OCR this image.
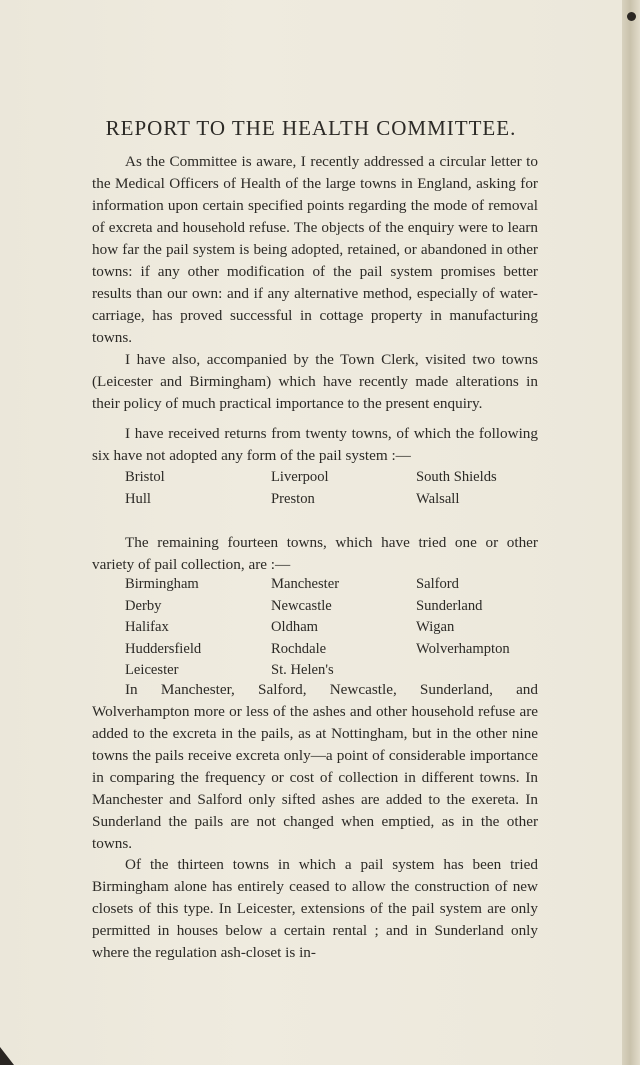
REPORT TO THE HEALTH COMMITTEE.

As the Committee is aware, I recently addressed a circular letter to the Medical Officers of Health of the large towns in England, asking for information upon certain specified points regarding the mode of removal of excreta and household refuse. The objects of the enquiry were to learn how far the pail system is being adopted, retained, or abandoned in other towns: if any other modification of the pail system promises better results than our own: and if any alternative method, especially of water-carriage, has proved successful in cottage property in manufacturing towns.

I have also, accompanied by the Town Clerk, visited two towns (Leicester and Birmingham) which have recently made alterations in their policy of much practical importance to the present enquiry.

I have received returns from twenty towns, of which the following six have not adopted any form of the pail system :—

Bristol	Liverpool	South Shields
Hull	Preston	Walsall

The remaining fourteen towns, which have tried one or other variety of pail collection, are :—

Birmingham	Manchester	Salford
Derby	Newcastle	Sunderland
Halifax	Oldham	Wigan
Huddersfield	Rochdale	Wolverhampton
Leicester	St. Helen's

In Manchester, Salford, Newcastle, Sunderland, and Wolverhampton more or less of the ashes and other household refuse are added to the excreta in the pails, as at Nottingham, but in the other nine towns the pails receive excreta only—a point of considerable importance in comparing the frequency or cost of collection in different towns. In Manchester and Salford only sifted ashes are added to the exereta. In Sunderland the pails are not changed when emptied, as in the other towns.

Of the thirteen towns in which a pail system has been tried Birmingham alone has entirely ceased to allow the construction of new closets of this type. In Leicester, extensions of the pail system are only permitted in houses below a certain rental ; and in Sunderland only where the regulation ash-closet is in-
